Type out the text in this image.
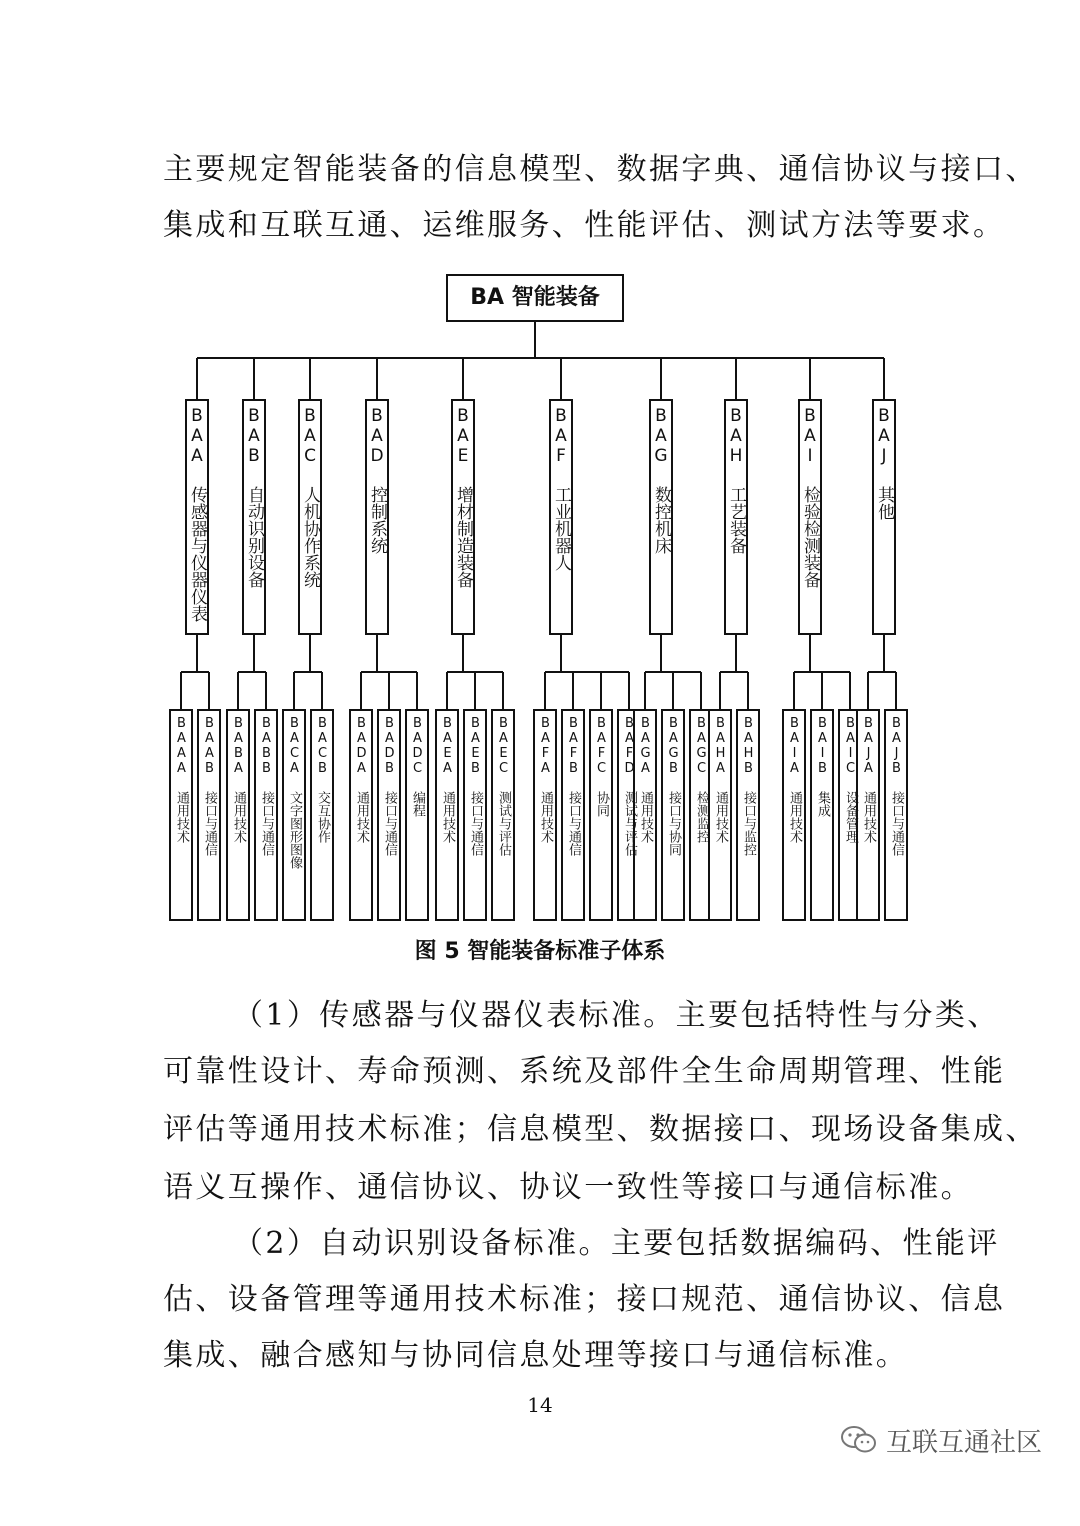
主要规定智能装备的信息模型、数据字典、通信协议与接口、
集成和互联互通、运维服务、性能评估、测试方法等要求。
BA 智能装备
BAA 传感器与仪器仪表
BAAA 通用技术	BAAB 接口与通信
BAB 自动识别设备
BABA 通用技术	BABB 接口与通信
BAC 人机协作系统
BACA 文字图形图像	BACB 交互协作
BAD 控制系统
BADA 通用技术	BADB 接口与通信	BADC 编程
BAE 增材制造装备
BAEA 通用技术	BAEB 接口与通信	BAEC 测试与评估
BAF 工业机器人
BAFA 通用技术	BAFB 接口与通信	BAFC 协同	BAFD 测试与评估
BAG 数控机床
BAGA 通用技术	BAGB 接口与协同	BAGC 检测监控
BAH 工艺装备
BAHA 通用技术	BAHB 接口与监控
BAI 检验检测装备
BAIA 通用技术	BAIB 集成	BAIC 设备管理
BAJ 其他
BAJA 通用技术	BAJB 接口与通信
图 5 智能装备标准子体系
（1）传感器与仪器仪表标准。主要包括特性与分类、
可靠性设计、寿命预测、系统及部件全生命周期管理、性能
评估等通用技术标准；信息模型、数据接口、现场设备集成、
语义互操作、通信协议、协议一致性等接口与通信标准。
（2）自动识别设备标准。主要包括数据编码、性能评
估、设备管理等通用技术标准；接口规范、通信协议、信息
集成、融合感知与协同信息处理等接口与通信标准。
14
互联互通社区
